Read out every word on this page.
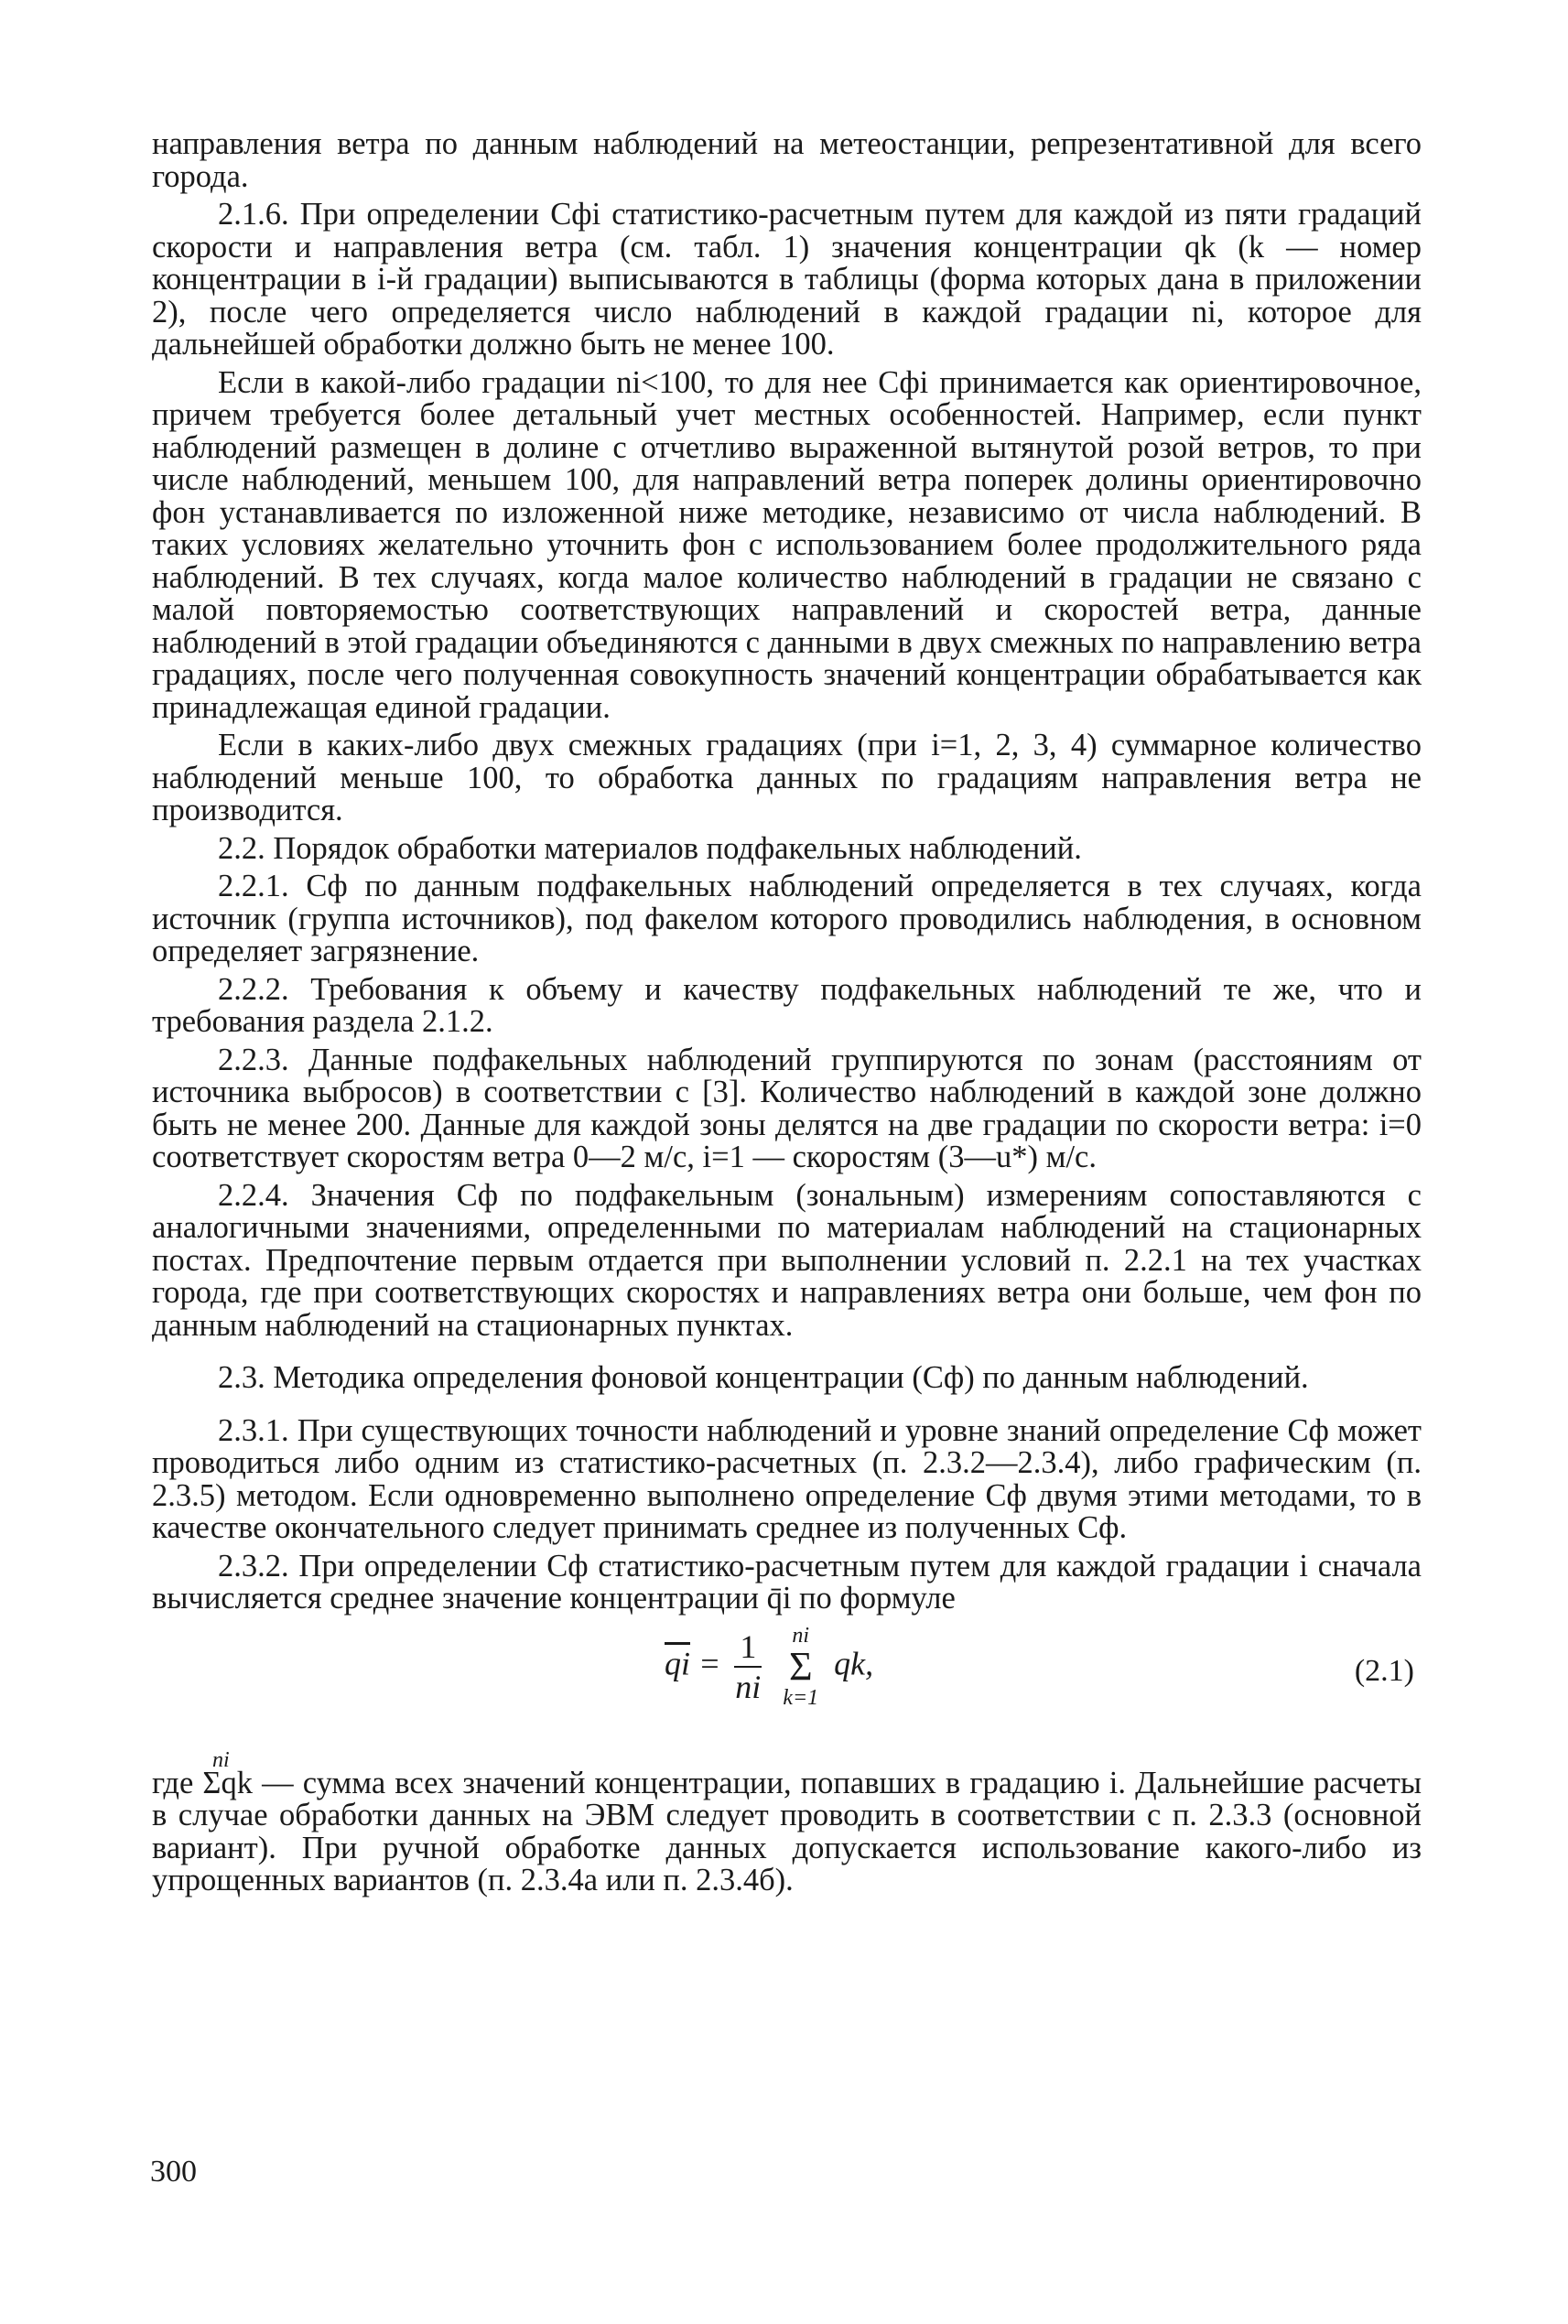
направления ветра по данным наблюдений на метеостанции, репрезентативной для всего города.

2.1.6. При определении Cфi статистико-расчетным путем для каждой из пяти градаций скорости и направления ветра (см. табл. 1) значения концентрации qk (k — номер концентрации в i-й градации) выписываются в таблицы (форма которых дана в приложении 2), после чего определяется число наблюдений в каждой градации ni, которое для дальнейшей обработки должно быть не менее 100.

Если в какой-либо градации ni<100, то для нее Cфi принимается как ориентировочное, причем требуется более детальный учет местных особенностей. Например, если пункт наблюдений размещен в долине с отчетливо выраженной вытянутой розой ветров, то при числе наблюдений, меньшем 100, для направлений ветра поперек долины ориентировочно фон устанавливается по изложенной ниже методике, независимо от числа наблюдений. В таких условиях желательно уточнить фон с использованием более продолжительного ряда наблюдений. В тех случаях, когда малое количество наблюдений в градации не связано с малой повторяемостью соответствующих направлений и скоростей ветра, данные наблюдений в этой градации объединяются с данными в двух смежных по направлению ветра градациях, после чего полученная совокупность значений концентрации обрабатывается как принадлежащая единой градации.

Если в каких-либо двух смежных градациях (при i=1, 2, 3, 4) суммарное количество наблюдений меньше 100, то обработка данных по градациям направления ветра не производится.

2.2. Порядок обработки материалов подфакельных наблюдений.

2.2.1. Cф по данным подфакельных наблюдений определяется в тех случаях, когда источник (группа источников), под факелом которого проводились наблюдения, в основном определяет загрязнение.

2.2.2. Требования к объему и качеству подфакельных наблюдений те же, что и требования раздела 2.1.2.

2.2.3. Данные подфакельных наблюдений группируются по зонам (расстояниям от источника выбросов) в соответствии с [3]. Количество наблюдений в каждой зоне должно быть не менее 200. Данные для каждой зоны делятся на две градации по скорости ветра: i=0 соответствует скоростям ветра 0—2 м/с, i=1 — скоростям (3—u*) м/с.

2.2.4. Значения Cф по подфакельным (зональным) измерениям сопоставляются с аналогичными значениями, определенными по материалам наблюдений на стационарных постах. Предпочтение первым отдается при выполнении условий п. 2.2.1 на тех участках города, где при соответствующих скоростях и направлениях ветра они больше, чем фон по данным наблюдений на стационарных пунктах.

2.3. Методика определения фоновой концентрации (Cф) по данным наблюдений.

2.3.1. При существующих точности наблюдений и уровне знаний определение Cф может проводиться либо одним из статистико-расчетных (п. 2.3.2—2.3.4), либо графическим (п. 2.3.5) методом. Если одновременно выполнено определение Cф двумя этими методами, то в качестве окончательного следует принимать среднее из полученных Cф.

2.3.2. При определении Cф статистико-расчетным путем для каждой градации i сначала вычисляется среднее значение концентрации q̄i по формуле

$\overline{qi} = \frac{1}{ni}$
	ni
Σ
k=1
qk,	(2.1)
ni

где Σqk — сумма всех значений концентрации, попавших в градацию i. Дальнейшие расчеты в случае обработки данных на ЭВМ следует проводить в соответствии с п. 2.3.3 (основной вариант). При ручной обработке данных допускается использование какого-либо из упрощенных вариантов (п. 2.3.4а или п. 2.3.4б).

300
